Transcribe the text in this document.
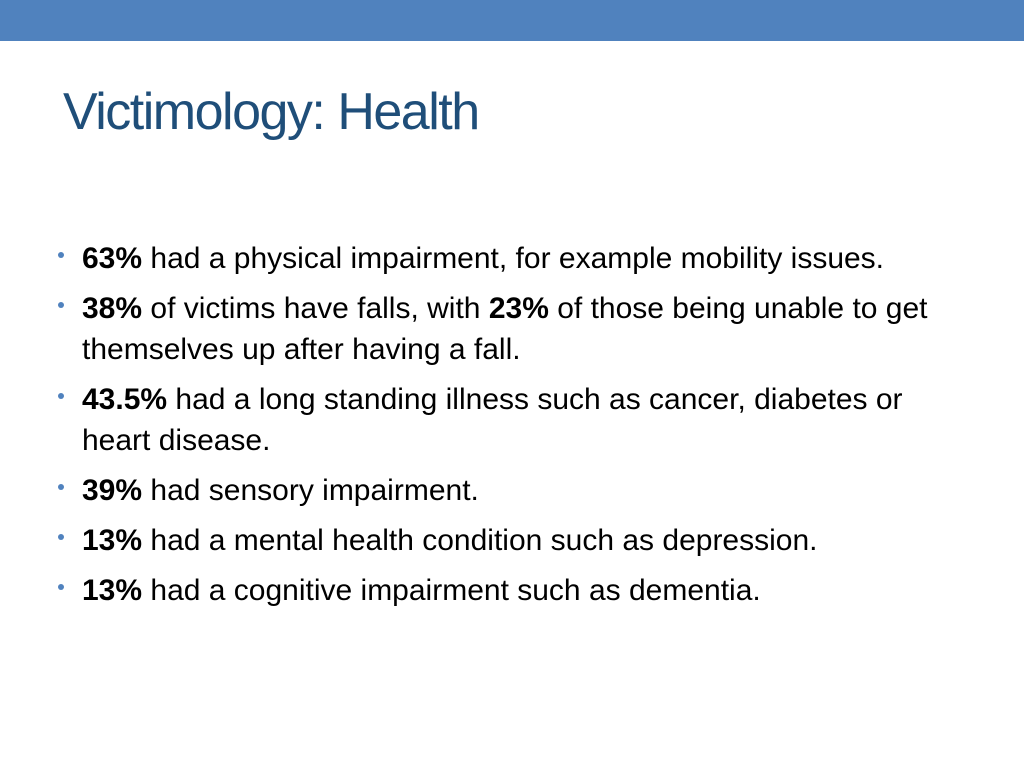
Victimology: Health
63% had a physical impairment, for example mobility issues.
38% of victims have falls, with 23% of those being unable to get themselves up after having a fall.
43.5% had a long standing illness such as cancer, diabetes or heart disease.
39% had sensory impairment.
13% had a mental health condition such as depression.
13% had a cognitive impairment such as dementia.
